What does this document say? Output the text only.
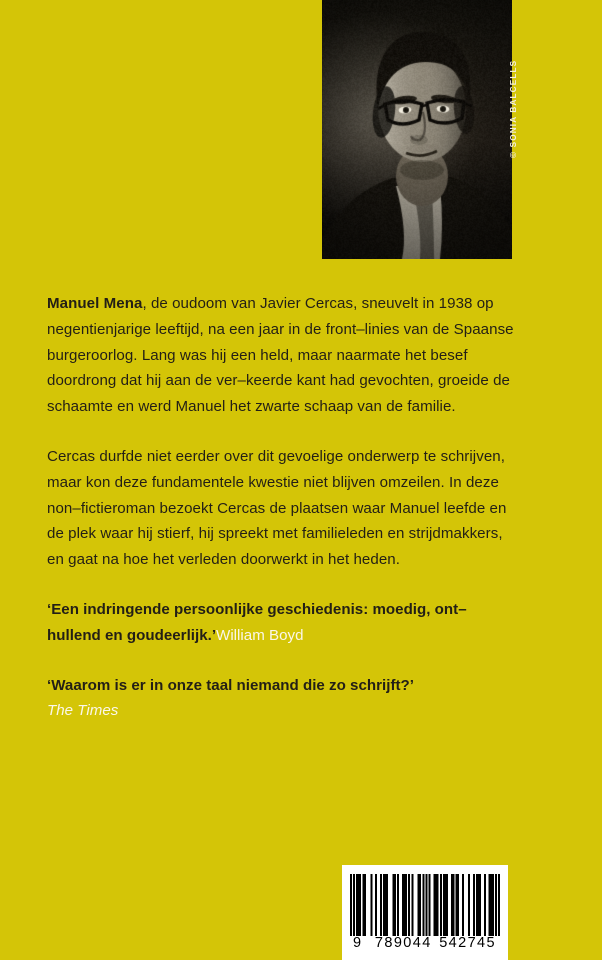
© SONIA BALCELLS

Manuel Mena, de oudoom van Javier Cercas, sneuvelt in 1938 op negentienjarige leeftijd, na een jaar in de front–linies van de Spaanse burgeroorlog. Lang was hij een held, maar naarmate het besef doordrong dat hij aan de ver–keerde kant had gevochten, groeide de schaamte en werd Manuel het zwarte schaap van de familie.

Cercas durfde niet eerder over dit gevoelige onderwerp te schrijven, maar kon deze fundamentele kwestie niet blijven omzeilen. In deze non–fictieroman bezoekt Cercas de plaatsen waar Manuel leefde en de plek waar hij stierf, hij spreekt met familieleden en strijdmakkers, en gaat na hoe het verleden doorwerkt in het heden.

‘Een indringende persoonlijke geschiedenis: moedig, ont–hullend en goudeerlijk.’William Boyd
‘Waarom is er in onze taal niemand die zo schrijft?’
The Times
9 789044 542745
